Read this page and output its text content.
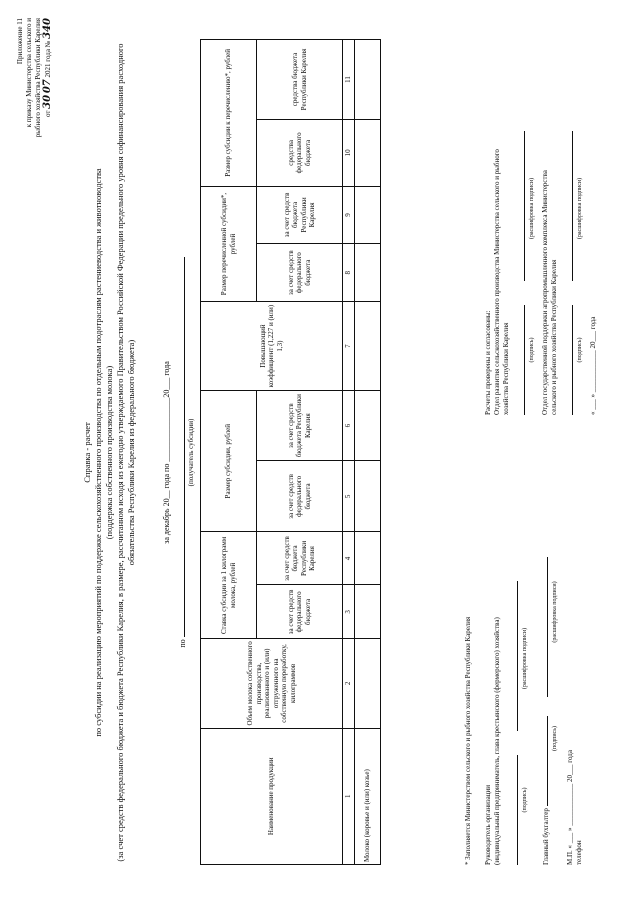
Приложение 11 к приказу Министерства сельского и рыбного хозяйства Республики Карелия от 30 07 2021 года № 340
Справка - расчет по субсидии на реализацию мероприятий по поддержке сельскохозяйственного производства по отдельным подотраслям растениеводства и животноводства (поддержка собственного производства молока) (за счет средств федерального бюджета и бюджета Республики Карелия, в размере, рассчитанном исходя из ежегодно утверждаемого Правительством Российской Федерации предельного уровня софинансирования расходного обязательства Республики Карелия из федерального бюджета)	за декабрь 20__ года по ________________20___ года
по
(получатель субсидии)
Наименование продукции	Объем молока собственного производства, реализованного и (или) отгруженного на собственную переработку, килограммов	Ставка субсидии за 1 килограмм молока, рублей		Размер субсидии, рублей		Повышающий коэффициент (1,227 и (или) 1,3)	Размер перечисленной субсидии*, рублей		Размер субсидии к перечислению*, рублей	
		за счет средств федерального бюджета	за счет средств бюджета Республики Карелия	за счет средств федерального бюджета	за счет средств бюджета Республики Карелия		за счет средств федерального бюджета	за счет средств бюджета Республики Карелия	средства федерального бюджета	средства бюджета Республики Карелия
1	2	3	4	5	6	7	8	9	10	11
Молоко (коровье и (или) козье)											* Заполняется Министерством сельского и рыбного хозяйства Республики Карелия Руководитель организации (индивидуальный предприниматель, глава крестьянского (фермерского) хозяйства)
	(подпись) (расшифровка подписи)
Главный бухгалтер
(подпись) (расшифровка подписи)
М.П. « ___ » ____________ 20___ года телефон
Расчеты проверены и согласованы: Отдел развития сельскохозяйственного производства Министерства сельского и рыбного хозяйства Республики Карелия
	(подпись) (расшифровка подписи) Отдел государственной поддержки агропромышленного комплекса Министерства сельского и рыбного хозяйства Республики Карелия
	(подпись) (расшифровка подписи)
« ___ » ____________ 20___ года
